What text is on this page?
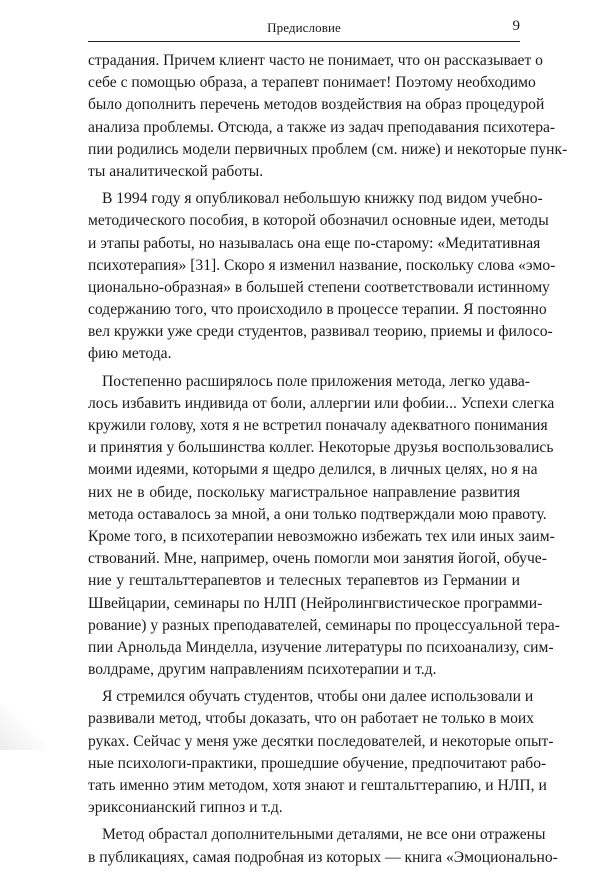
Предисловие	9
страдания. Причем клиент часто не понимает, что он рассказывает о
себе с помощью образа, а терапевт понимает! Поэтому необходимо
было дополнить перечень методов воздействия на образ процедурой
анализа проблемы. Отсюда, а также из задач преподавания психотера-
пии родились модели первичных проблем (см. ниже) и некоторые пунк-
ты аналитической работы.
В 1994 году я опубликовал небольшую книжку под видом учебно-
методического пособия, в которой обозначил основные идеи, методы
и этапы работы, но называлась она еще по-старому: «Медитативная
психотерапия» [31]. Скоро я изменил название, поскольку слова «эмо-
ционально-образная» в большей степени соответствовали истинному
содержанию того, что происходило в процессе терапии. Я постоянно
вел кружки уже среди студентов, развивал теорию, приемы и филосо-
фию метода.
Постепенно расширялось поле приложения метода, легко удава-
лось избавить индивида от боли, аллергии или фобии... Успехи слегка
кружили голову, хотя я не встретил поначалу адекватного понимания
и принятия у большинства коллег. Некоторые друзья воспользовались
моими идеями, которыми я щедро делился, в личных целях, но я на
них не в обиде, поскольку магистральное направление развития
метода оставалось за мной, а они только подтверждали мою правоту.
Кроме того, в психотерапии невозможно избежать тех или иных заим-
ствований. Мне, например, очень помогли мои занятия йогой, обуче-
ние у гештальттерапевтов и телесных терапевтов из Германии и
Швейцарии, семинары по НЛП (Нейролингвистическое программи-
рование) у разных преподавателей, семинары по процессуальной тера-
пии Арнольда Минделла, изучение литературы по психоанализу, сим-
волдраме, другим направлениям психотерапии и т.д.
Я стремился обучать студентов, чтобы они далее использовали и
развивали метод, чтобы доказать, что он работает не только в моих
руках. Сейчас у меня уже десятки последователей, и некоторые опыт-
ные психологи-практики, прошедшие обучение, предпочитают рабо-
тать именно этим методом, хотя знают и гештальттерапию, и НЛП, и
эриксонианский гипноз и т.д.
Метод обрастал дополнительными деталями, не все они отражены
в публикациях, самая подробная из которых — книга «Эмоционально-
